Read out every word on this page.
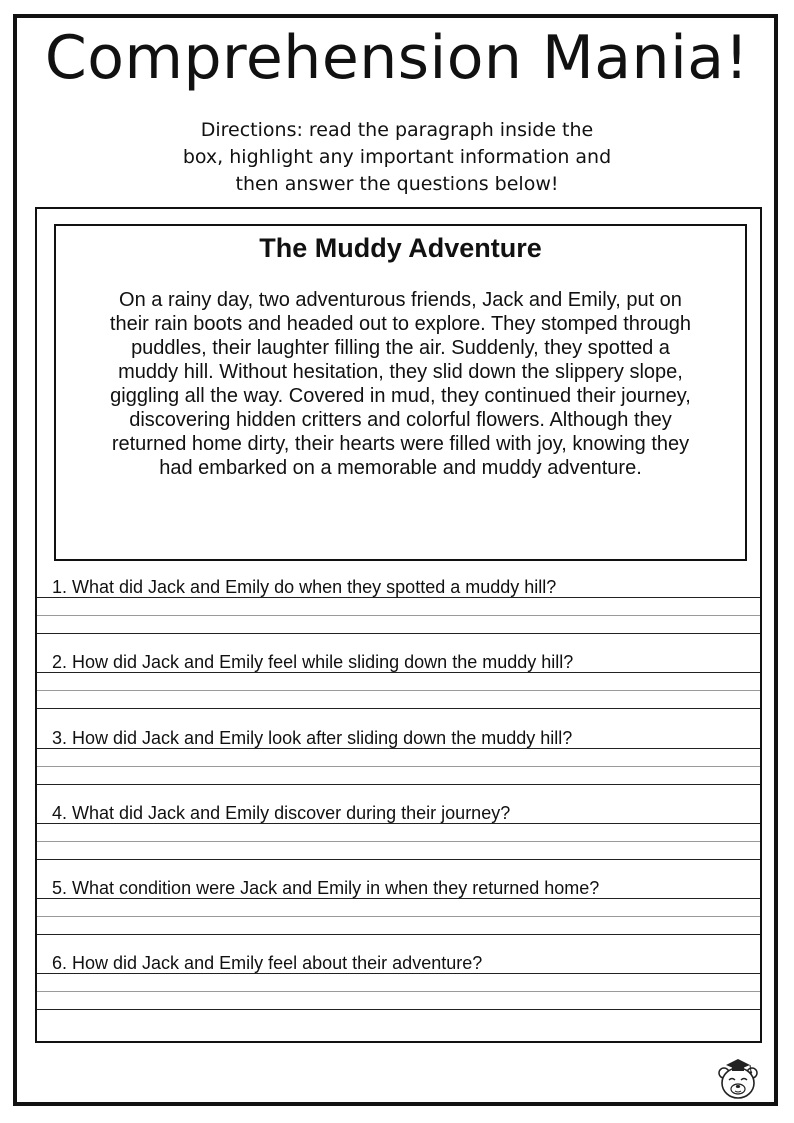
Comprehension Mania!
Directions: read the paragraph inside the
box, highlight any important information and
then answer the questions below!
The Muddy Adventure
On a rainy day, two adventurous friends, Jack and Emily, put on
their rain boots and headed out to explore. They stomped through
puddles, their laughter filling the air. Suddenly, they spotted a
muddy hill. Without hesitation, they slid down the slippery slope,
giggling all the way. Covered in mud, they continued their journey,
discovering hidden critters and colorful flowers. Although they
returned home dirty, their hearts were filled with joy, knowing they
had embarked on a memorable and muddy adventure.
1. What did Jack and Emily do when they spotted a muddy hill?
2. How did Jack and Emily feel while sliding down the muddy hill?
3. How did Jack and Emily look after sliding down the muddy hill?
4. What did Jack and Emily discover during their journey?
5. What condition were Jack and Emily in when they returned home?
6. How did Jack and Emily feel about their adventure?
